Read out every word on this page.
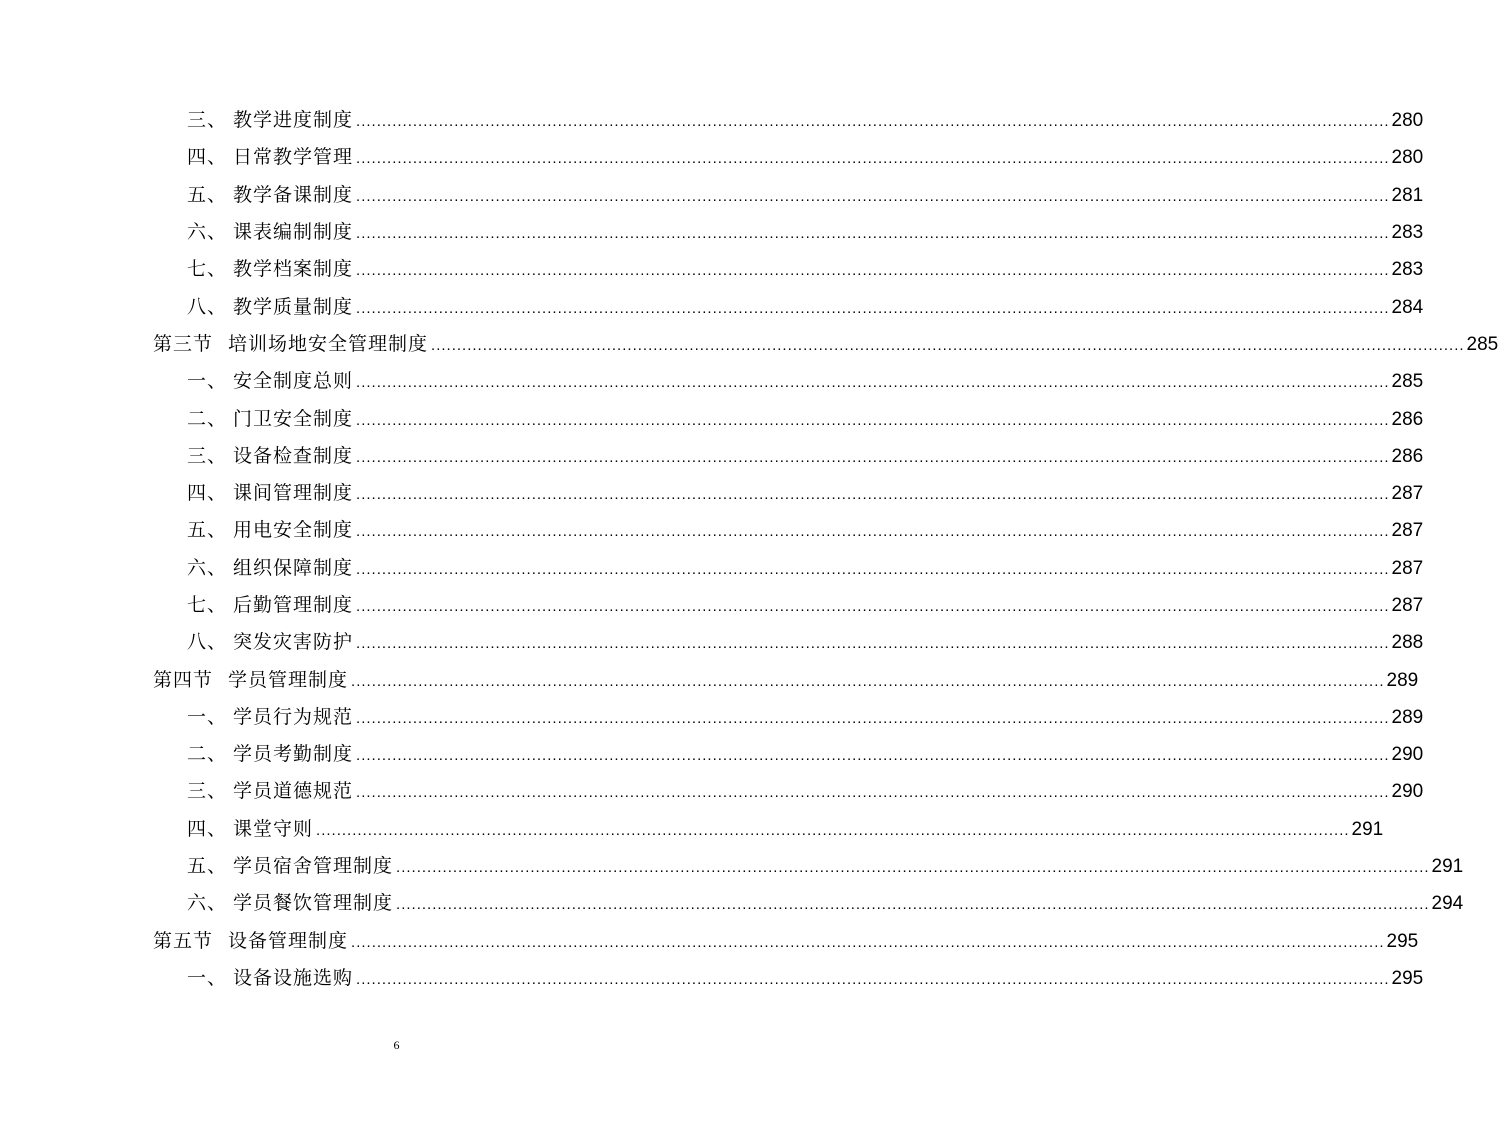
三、 教学进度制度 ........................................................................................................................................................................................................ 280
四、 日常教学管理 ........................................................................................................................................................................................................ 280
五、 教学备课制度 ........................................................................................................................................................................................................ 281
六、 课表编制制度 ........................................................................................................................................................................................................ 283
七、 教学档案制度 ........................................................................................................................................................................................................ 283
八、 教学质量制度 ........................................................................................................................................................................................................ 284
第三节 培训场地安全管理制度 ........................................................................................................................................................................................................ 285
一、 安全制度总则 ........................................................................................................................................................................................................ 285
二、 门卫安全制度 ........................................................................................................................................................................................................ 286
三、 设备检查制度 ........................................................................................................................................................................................................ 286
四、 课间管理制度 ........................................................................................................................................................................................................ 287
五、 用电安全制度 ........................................................................................................................................................................................................ 287
六、 组织保障制度 ........................................................................................................................................................................................................ 287
七、 后勤管理制度 ........................................................................................................................................................................................................ 287
八、 突发灾害防护 ........................................................................................................................................................................................................ 288
第四节 学员管理制度 ........................................................................................................................................................................................................ 289
一、 学员行为规范 ........................................................................................................................................................................................................ 289
二、 学员考勤制度 ........................................................................................................................................................................................................ 290
三、 学员道德规范 ........................................................................................................................................................................................................ 290
四、 课堂守则 ........................................................................................................................................................................................................ 291
五、 学员宿舍管理制度 ........................................................................................................................................................................................................ 291
六、 学员餐饮管理制度 ........................................................................................................................................................................................................ 294
第五节 设备管理制度 ........................................................................................................................................................................................................ 295
一、 设备设施选购 ........................................................................................................................................................................................................ 295
6
